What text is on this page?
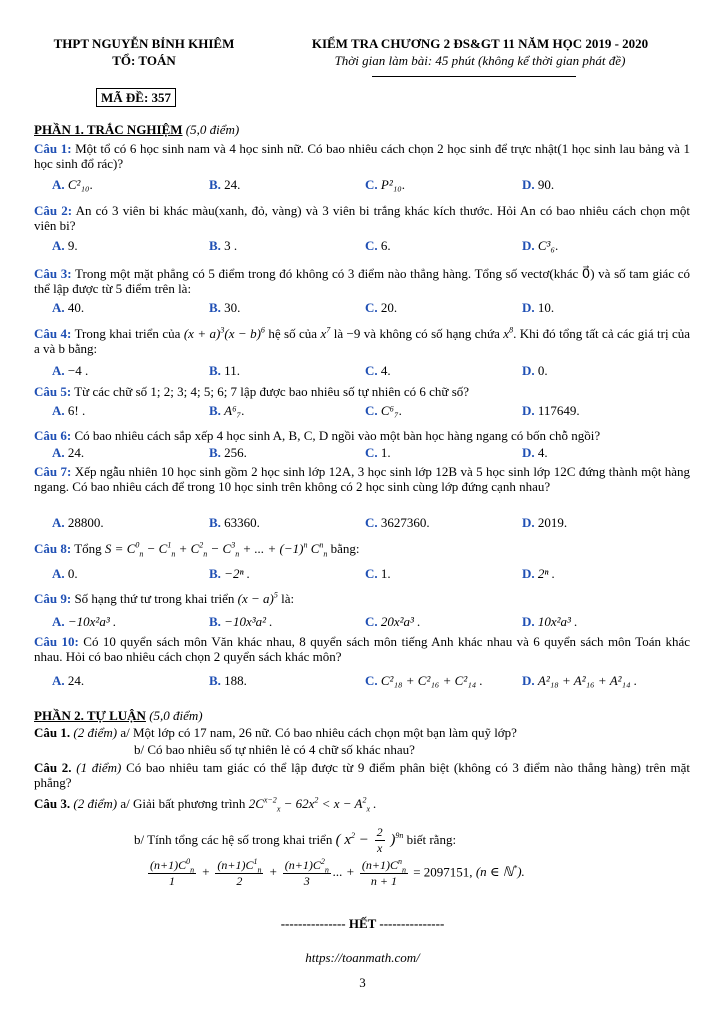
THPT NGUYỄN BỈNH KHIÊM
TỔ: TOÁN
KIỂM TRA CHƯƠNG 2 ĐS&GT 11 NĂM HỌC 2019 - 2020
Thời gian làm bài: 45 phút (không kể thời gian phát đề)
MÃ ĐỀ: 357
PHẦN 1. TRẮC NGHIỆM (5,0 điểm)
Câu 1: Một tổ có 6 học sinh nam và 4 học sinh nữ. Có bao nhiêu cách chọn 2 học sinh để trực nhật(1 học sinh lau bảng và 1 học sinh đổ rác)?
A. C²₁₀.	B. 24.	C. P²₁₀.	D. 90.
Câu 2: An có 3 viên bi khác màu(xanh, đỏ, vàng) và 3 viên bi trắng khác kích thước. Hỏi An có bao nhiêu cách chọn một viên bi?
A. 9.	B. 3 .	C. 6.	D. C³₆.
Câu 3: Trong một mặt phẳng có 5 điểm trong đó không có 3 điểm nào thẳng hàng. Tổng số vectơ(khác 0⃗) và số tam giác có thể lập được từ 5 điểm trên là:
A. 40.	B. 30.	C. 20.	D. 10.
Câu 4: Trong khai triển của $(x + a)^3(x - b)^6$ hệ số của $x^7$ là −9 và không có số hạng chứa $x^8$. Khi đó tổng tất cả các giá trị của a và b bằng:
A. −4 .	B. 11.	C. 4.	D. 0.
Câu 5: Từ các chữ số 1; 2; 3; 4; 5; 6; 7 lập được bao nhiêu số tự nhiên có 6 chữ số?
A. 6! .	B. A⁶₇.	C. C⁶₇.	D. 117649.
Câu 6: Có bao nhiêu cách sắp xếp 4 học sinh A, B, C, D ngồi vào một bàn học hàng ngang có bốn chỗ ngồi?
A. 24.	B. 256.	C. 1.	D. 4.
Câu 7: Xếp ngẫu nhiên 10 học sinh gồm 2 học sinh lớp 12A, 3 học sinh lớp 12B và 5 học sinh lớp 12C đứng thành một hàng ngang. Có bao nhiêu cách để trong 10 học sinh trên không có 2 học sinh cùng lớp đứng cạnh nhau?
A. 28800.	B. 63360.	C. 3627360.	D. 2019.
Câu 8: Tổng $S = C^0_n - C^1_n + C^2_n - C^3_n$ + ... + $(-1)^n$ $C^n_n$ bằng:
A. 0.	B. −2ⁿ .	C. 1.	D. 2ⁿ .
Câu 9: Số hạng thứ tư trong khai triển $(x - a)^5$ là:
A. −10x²a³ .	B. −10x³a² .	C. 20x²a³ .	D. 10x²a³ .
Câu 10: Có 10 quyển sách môn Văn khác nhau, 8 quyển sách môn tiếng Anh khác nhau và 6 quyển sách môn Toán khác nhau. Hỏi có bao nhiêu cách chọn 2 quyển sách khác môn?
A. 24.	B. 188.	C. C²₁₈ + C²₁₆ + C²₁₄ .	D. A²₁₈ + A²₁₆ + A²₁₄ .
PHẦN 2. TỰ LUẬN (5,0 điểm)
Câu 1. (2 điểm) a/ Một lớp có 17 nam, 26 nữ. Có bao nhiêu cách chọn một bạn làm quỹ lớp?
b/ Có bao nhiêu số tự nhiên lẻ có 4 chữ số khác nhau?
Câu 2. (1 điểm) Có bao nhiêu tam giác có thể lập được từ 9 điểm phân biệt (không có 3 điểm nào thẳng hàng) trên mặt phẳng?
Câu 3. (2 điểm) a/ Giải bất phương trình $2C^{x-2}_x - 62x^2 < x - A^2_x$ .
b/ Tính tổng các hệ số trong khai triển ( $x^2 - \frac{2}{x} )^{9n}$ biết rằng:
$\frac{(n+1)C^0_n}{1} + \frac{(n+1)C^1_n}{2} + \frac{(n+1)C^2_n}{3}$ ... + $\frac{(n+1)C^n_n}{n + 1} = 2097151$, (n ∈ ℕ*).
--------------- HẾT ---------------
https://toanmath.com/
3
